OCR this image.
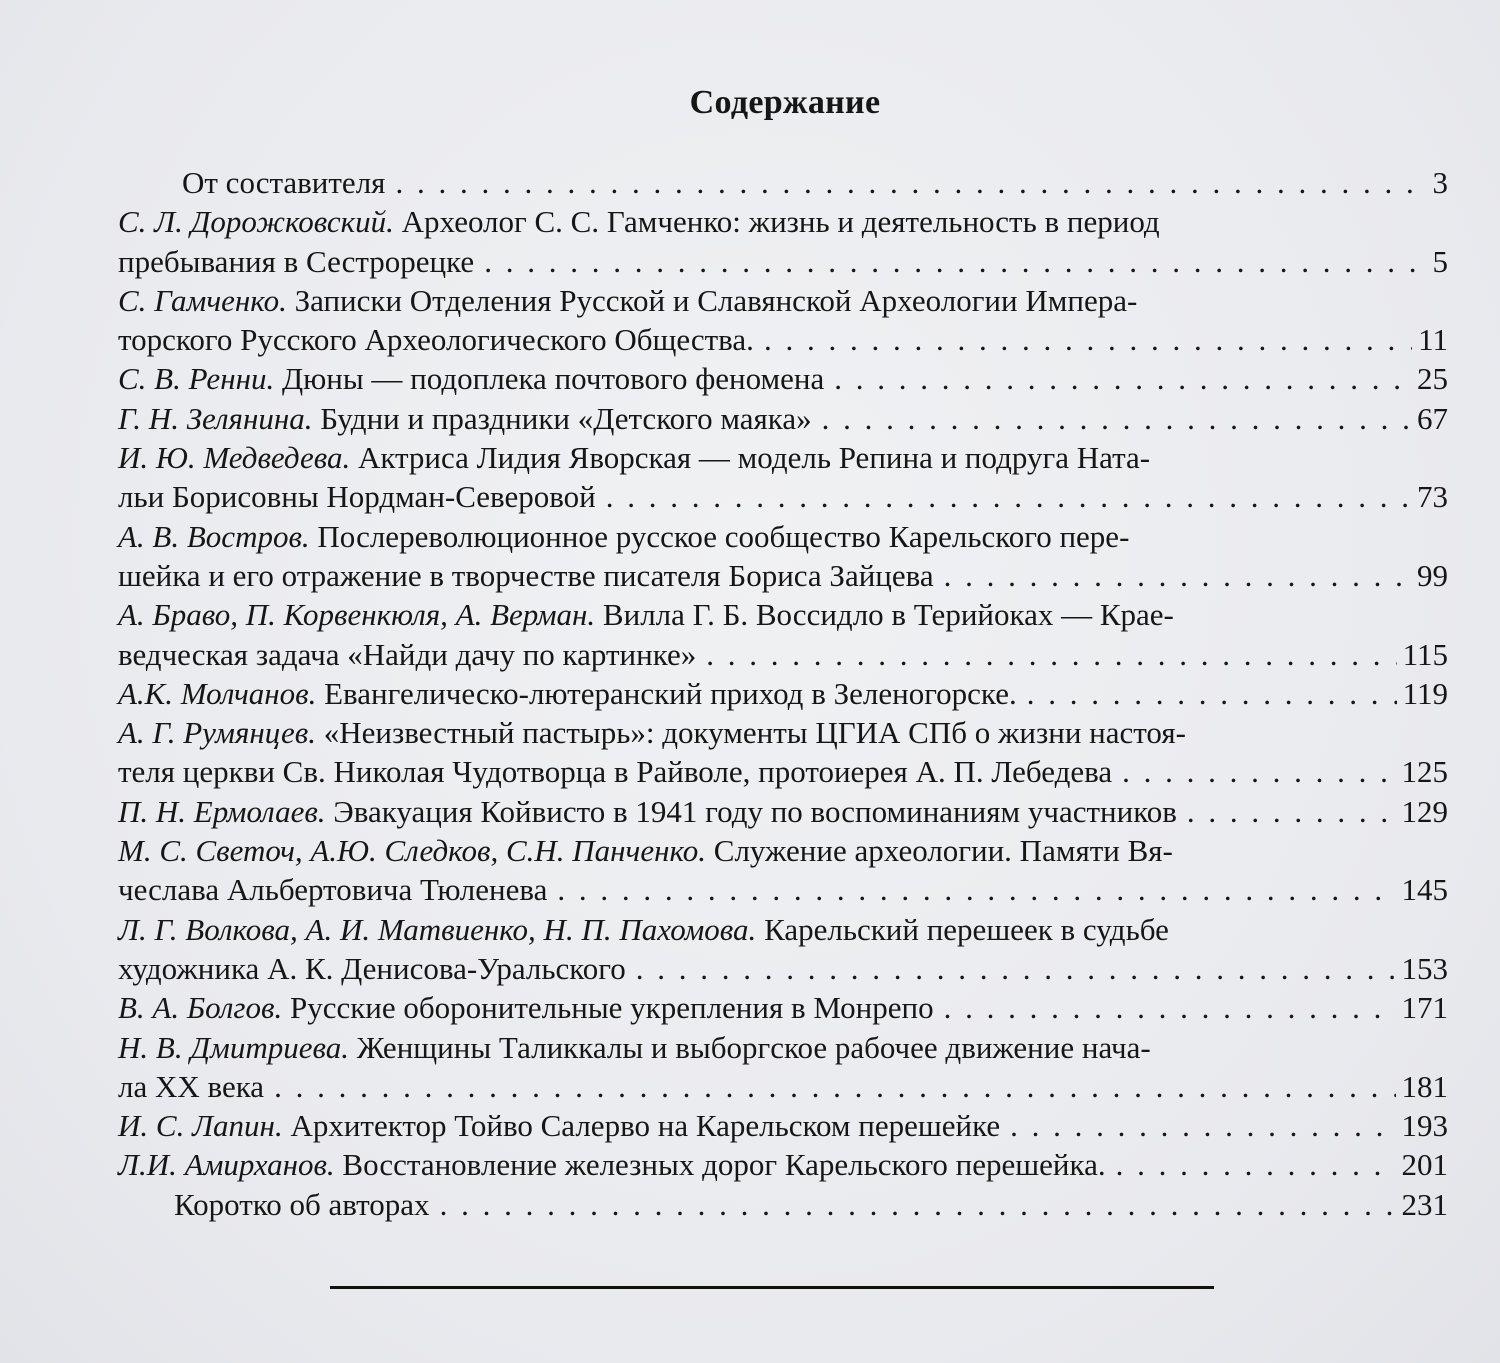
Содержание
От составителя . . .	3
С. Л. Дорожковский. Археолог С. С. Гамченко: жизнь и деятельность в период
пребывания в Сестрорецке . . .	5
С. Гамченко. Записки Отделения Русской и Славянской Археологии Импера-
торского Русского Археологического Общества. . . .	11
С. В. Ренни. Дюны — подоплека почтового феномена . . .	25
Г. Н. Зелянина. Будни и праздники «Детского маяка» . . .	67
И. Ю. Медведева. Актриса Лидия Яворская — модель Репина и подруга Ната-
льи Борисовны Нордман-Северовой . . .	73
А. В. Востров. Послереволюционное русское сообщество Карельского пере-
шейка и его отражение в творчестве писателя Бориса Зайцева . . .	99
А. Браво, П. Корвенкюля, А. Верман. Вилла Г. Б. Воссидло в Терийоках — Крае-
ведческая задача «Найди дачу по картинке» . . .	115
А.К. Молчанов. Евангелическо-лютеранский приход в Зеленогорске. . . .	119
А. Г. Румянцев. «Неизвестный пастырь»: документы ЦГИА СПб о жизни настоя-
теля церкви Св. Николая Чудотворца в Райволе, протоиерея А. П. Лебедева . . .	125
П. Н. Ермолаев. Эвакуация Койвисто в 1941 году по воспоминаниям участников . . .	129
М. С. Светоч, А.Ю. Следков, С.Н. Панченко. Служение археологии. Памяти Вя-
чеслава Альбертовича Тюленева . . .	145
Л. Г. Волкова, А. И. Матвиенко, Н. П. Пахомова. Карельский перешеек в судьбе
художника А. К. Денисова-Уральского . . .	153
В. А. Болгов. Русские оборонительные укрепления в Монрепо . . .	171
Н. В. Дмитриева. Женщины Таликкалы и выборгское рабочее движение нача-
ла XX века . . .	181
И. С. Лапин. Архитектор Тойво Салерво на Карельском перешейке . . .	193
Л.И. Амирханов. Восстановление железных дорог Карельского перешейка. . . .	201
Коротко об авторах . . .	231
